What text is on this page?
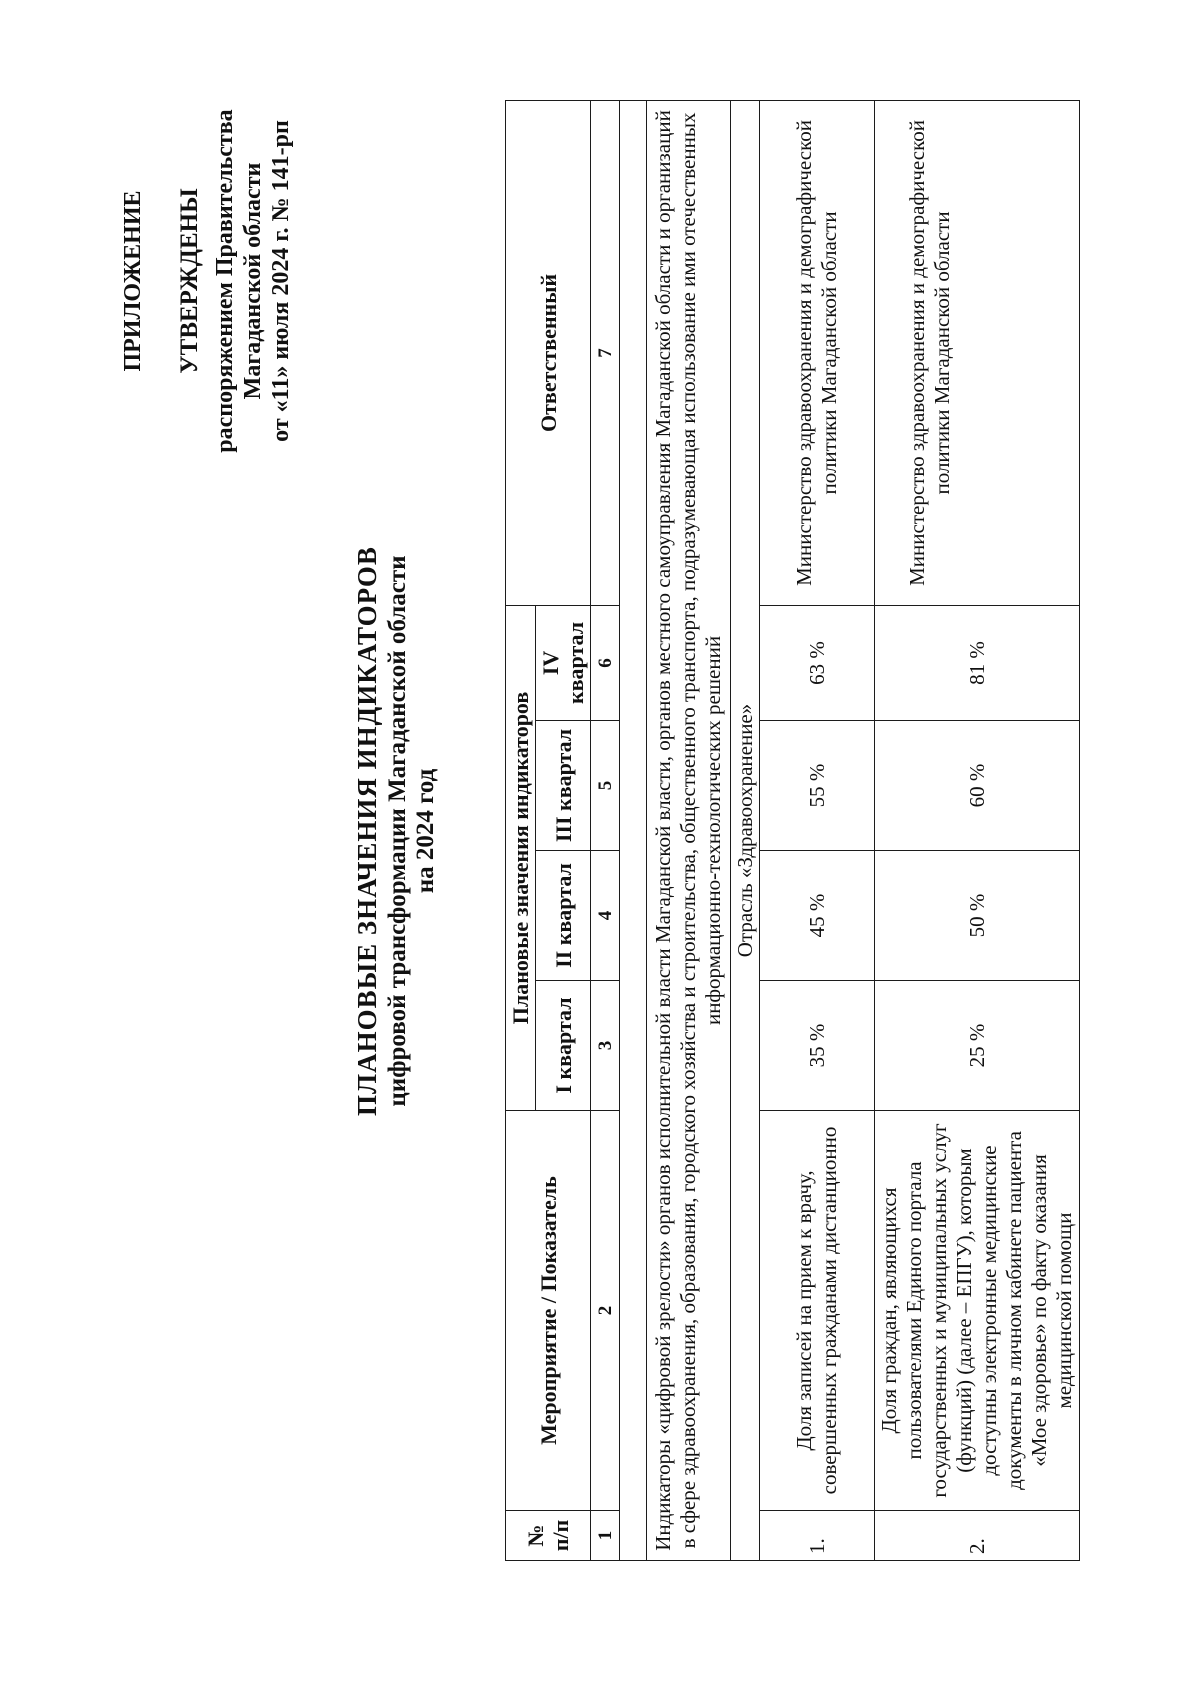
ПРИЛОЖЕНИЕ УТВЕРЖДЕНЫ распоряжением Правительства Магаданской области от «11» июля 2024 г. № 141-рп
ПЛАНОВЫЕ ЗНАЧЕНИЯ ИНДИКАТОРОВ цифровой трансформации Магаданской области на 2024 год
№ п/п	Мероприятие / Показатель	Плановые значения индикаторов				Ответственный
		I квартал	II квартал	III квартал	IV квартал	
1	2	3	4	5	6	7

Индикаторы «цифровой зрелости» органов исполнительной власти Магаданской власти, органов местного самоуправления Магаданской области и организаций в сфере здравоохранения, образования, городского хозяйства и строительства, общественного транспорта, подразумевающая использование ими отечественных информационно-технологических решений						
Отрасль «Здравоохранение»						
1.	Доля записей на прием к врачу, совершенных гражданами дистанционно	35 %	45 %	55 %	63 %	Министерство здравоохранения и демографической политики Магаданской области
2.	Доля граждан, являющихся пользователями Единого портала государственных и муниципальных услуг (функций) (далее – ЕПГУ), которым доступны электронные медицинские документы в личном кабинете пациента «Мое здоровье» по факту оказания медицинской помощи	25 %	50 %	60 %	81 %	Министерство здравоохранения и демографической политики Магаданской области
